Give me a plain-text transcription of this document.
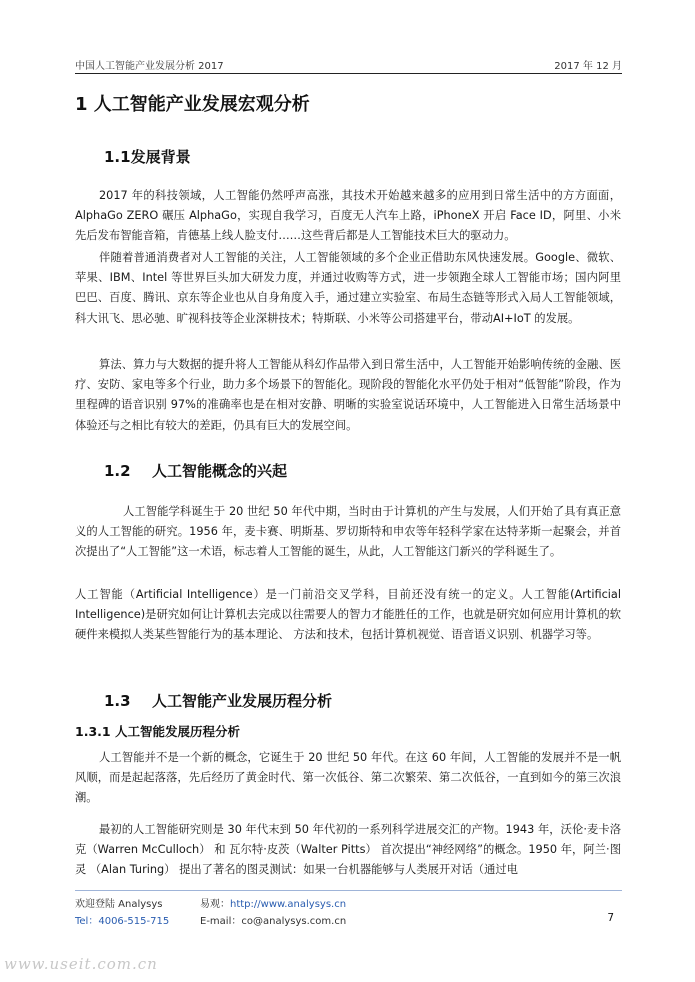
中国人工智能产业发展分析 2017	2017 年 12 月
1 人工智能产业发展宏观分析
1.1发展背景
2017 年的科技领域，人工智能仍然呼声高涨，其技术开始越来越多的应用到日常生活中的方方面面， AlphaGo ZERO 碾压 AlphaGo，实现自我学习，百度无人汽车上路，iPhoneX 开启 Face ID，阿里、小米先后发布智能音箱，肯德基上线人脸支付……这些背后都是人工智能技术巨大的驱动力。
伴随着普通消费者对人工智能的关注，人工智能领域的多个企业正借助东风快速发展。Google、微软、苹果、IBM、Intel 等世界巨头加大研发力度，并通过收购等方式，进一步领跑全球人工智能市场；国内阿里巴巴、百度、腾讯、京东等企业也从自身角度入手，通过建立实验室、布局生态链等形式入局人工智能领域，科大讯飞、思必驰、旷视科技等企业深耕技术；特斯联、小米等公司搭建平台，带动AI+IoT 的发展。
算法、算力与大数据的提升将人工智能从科幻作品带入到日常生活中，人工智能开始影响传统的金融、医疗、安防、家电等多个行业，助力多个场景下的智能化。现阶段的智能化水平仍处于相对“低智能”阶段，作为里程碑的语音识别 97%的准确率也是在相对安静、明晰的实验室说话环境中，人工智能进入日常生活场景中体验还与之相比有较大的差距，仍具有巨大的发展空间。
1.2 人工智能概念的兴起
人工智能学科诞生于 20 世纪 50 年代中期，当时由于计算机的产生与发展，人们开始了具有真正意义的人工智能的研究。1956 年，麦卡赛、明斯基、罗切斯特和申农等年轻科学家在达特茅斯一起聚会，并首次提出了“人工智能”这一术语，标志着人工智能的诞生，从此，人工智能这门新兴的学科诞生了。
人工智能（Artificial Intelligence）是一门前沿交叉学科，目前还没有统一的定义。人工智能(Artificial Intelligence)是研究如何让计算机去完成以往需要人的智力才能胜任的工作，也就是研究如何应用计算机的软硬件来模拟人类某些智能行为的基本理论、 方法和技术，包括计算机视觉、语音语义识别、机器学习等。
1.3 人工智能产业发展历程分析
1.3.1 人工智能发展历程分析
人工智能并不是一个新的概念，它诞生于 20 世纪 50 年代。在这 60 年间，人工智能的发展并不是一帆风顺，而是起起落落，先后经历了黄金时代、第一次低谷、第二次繁荣、第二次低谷，一直到如今的第三次浪潮。
最初的人工智能研究则是 30 年代末到 50 年代初的一系列科学进展交汇的产物。1943 年，沃伦·麦卡洛克（Warren McCulloch） 和 瓦尔特·皮茨（Walter Pitts） 首次提出“神经网络”的概念。1950 年，阿兰·图灵 （Alan Turing） 提出了著名的图灵测试：如果一台机器能够与人类展开对话（通过电
欢迎登陆 Analysys	易观：http://www.analysys.cn
Tel：4006-515-715	E-mail：co@analysys.com.cn	7
www.useit.com.cn
